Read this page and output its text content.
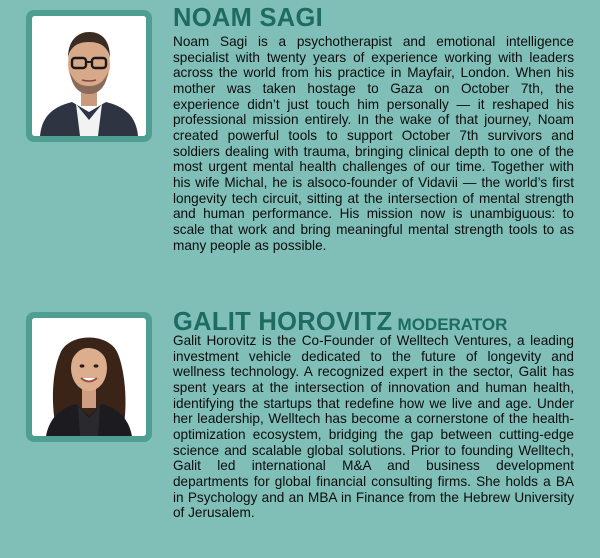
NOAM SAGI

Noam Sagi is a psychotherapist and emotional intelligence specialist with twenty years of experience working with leaders across the world from his practice in Mayfair, London. When his mother was taken hostage to Gaza on October 7th, the experience didn’t just touch him personally — it reshaped his professional mission entirely. In the wake of that journey, Noam created powerful tools to support October 7th survivors and soldiers dealing with trauma, bringing clinical depth to one of the most urgent mental health challenges of our time. Together with his wife Michal, he is alsoco-founder of Vidavii — the world’s first longevity tech circuit, sitting at the intersection of mental strength and human performance. His mission now is unambiguous: to scale that work and bring meaningful mental strength tools to as many people as possible.

GALIT HOROVITZ MODERATOR

Galit Horovitz is the Co-Founder of Welltech Ventures, a leading investment vehicle dedicated to the future of longevity and wellness technology. A recognized expert in the sector, Galit has spent years at the intersection of innovation and human health, identifying the startups that redefine how we live and age. Under her leadership, Welltech has become a cornerstone of the health-optimization ecosystem, bridging the gap between cutting-edge science and scalable global solutions. Prior to founding Welltech, Galit led international M&A and business development departments for global financial consulting firms. She holds a BA in Psychology and an MBA in Finance from the Hebrew University of Jerusalem.
